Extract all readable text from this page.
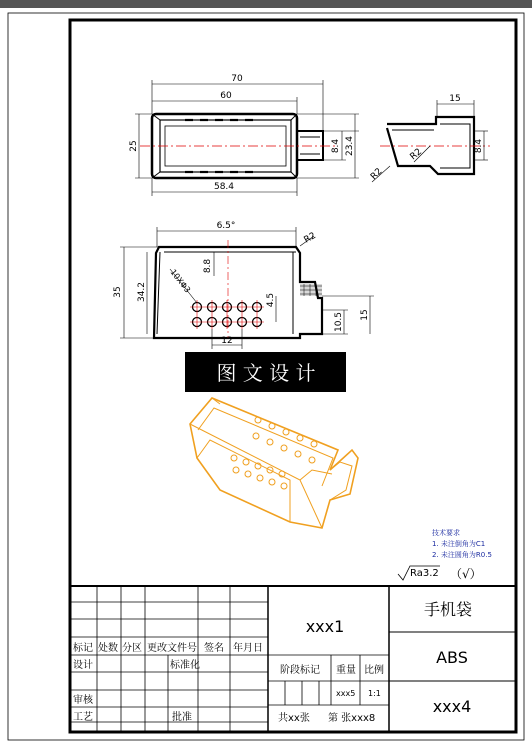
70
60
25
58.4
8.4 23.4
15
8.4
R2
R2
6.5°
R2
8.8
10XΦ3
35 34.2	4.5
12
10.5 15
图 文 设 计
技术要求
1. 未注倒角为C1
2. 未注圆角为R0.5
Ra3.2 （√）
标记 处数 分区 更改文件号 签名 年月日
设计	标准化
审核
工艺	批准
阶段标记 重量 比例
xxx5 1:1
共xx张 第 张xxx8
xxx1
手机袋
ABS
xxx4
